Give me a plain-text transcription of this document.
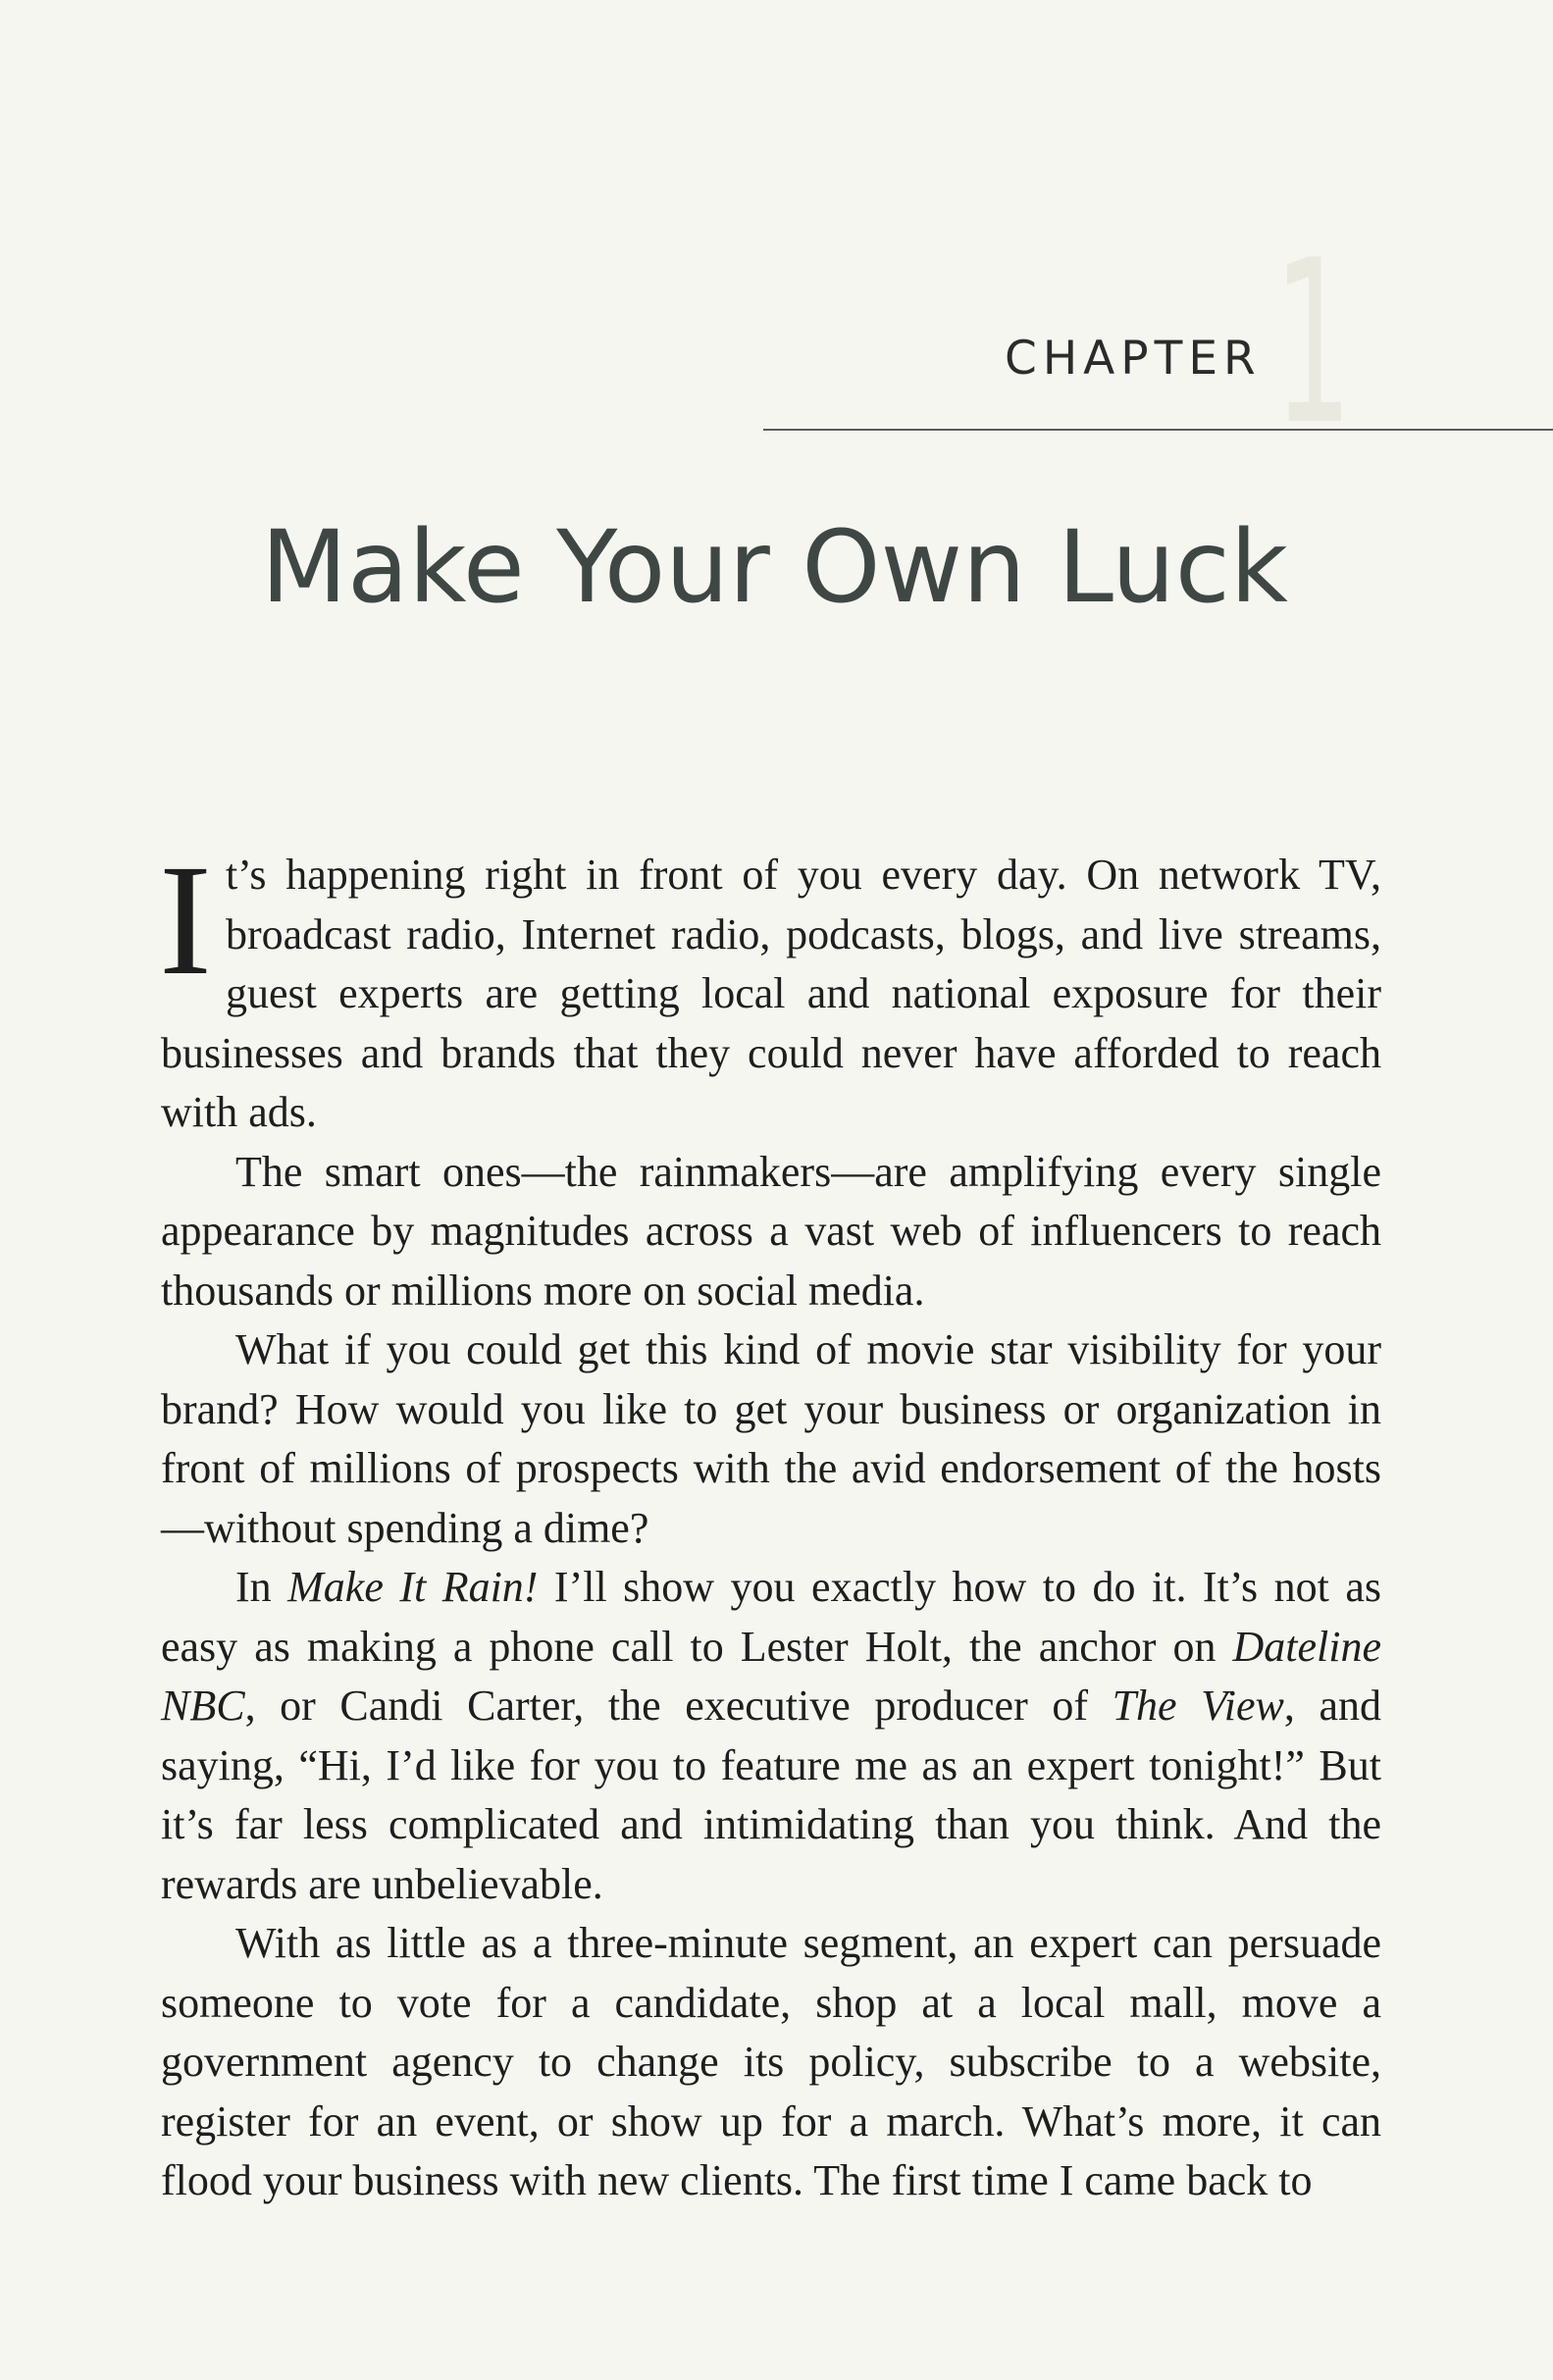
1
CHAPTER
Make Your Own Luck

It’s happening right in front of you every day. On network TV, broadcast radio, Internet radio, podcasts, blogs, and live streams, guest experts are getting local and national exposure for their businesses and brands that they could never have afforded to reach with ads.

The smart ones—the rainmakers—are amplifying every single appearance by magnitudes across a vast web of influencers to reach thousands or millions more on social media.

What if you could get this kind of movie star visibility for your brand? How would you like to get your business or organization in front of millions of prospects with the avid endorsement of the hosts—without spending a dime?

In Make It Rain! I’ll show you exactly how to do it. It’s not as easy as making a phone call to Lester Holt, the anchor on Dateline NBC, or Candi Carter, the executive producer of The View, and saying, “Hi, I’d like for you to feature me as an expert tonight!” But it’s far less complicated and intimidating than you think. And the rewards are unbelievable.

With as little as a three-minute segment, an expert can persuade someone to vote for a candidate, shop at a local mall, move a government agency to change its policy, subscribe to a website, register for an event, or show up for a march. What’s more, it can flood your business with new clients. The first time I came back to
